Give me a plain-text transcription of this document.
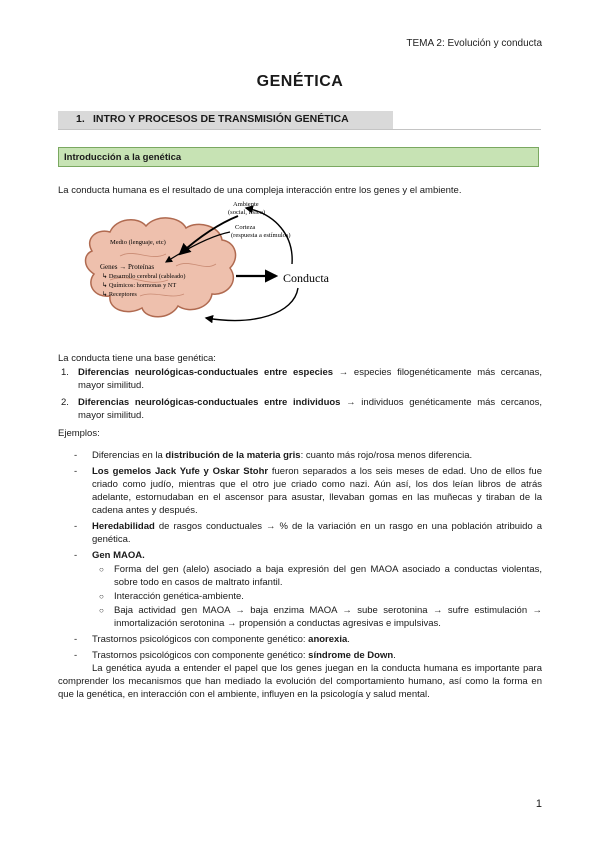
TEMA 2: Evolución y conducta
GENÉTICA
1. INTRO Y PROCESOS DE TRANSMISIÓN GENÉTICA
Introducción a la genética

La conducta humana es el resultado de una compleja interacción entre los genes y el ambiente.

Ambiente
(social, físico)
Corteza
(respuesta a estímulos)
Medio (lenguaje, etc)
Genes → Proteínas
↳ Desarrollo cerebral (cableado)
↳ Químicos: hormonas y NT
↳ Receptores
Conducta

La conducta tiene una base genética:

1. Diferencias neurológicas-conductuales entre especies → especies filogenéticamente más cercanas, mayor similitud.
2. Diferencias neurológicas-conductuales entre individuos → individuos genéticamente más cercanos, mayor similitud.

Ejemplos:

- Diferencias en la distribución de la materia gris: cuanto más rojo/rosa menos diferencia.
- Los gemelos Jack Yufe y Oskar Stohr fueron separados a los seis meses de edad. Uno de ellos fue criado como judío, mientras que el otro jue criado como nazi. Aún así, los dos leían libros de atrás adelante, estornudaban en el ascensor para asustar, llevaban gomas en las muñecas y tiraban de la cadena antes y después.
- Heredabilidad de rasgos conductuales → % de la variación en un rasgo en una población atribuido a genética.
- Gen MAOA.
○ Forma del gen (alelo) asociado a baja expresión del gen MAOA asociado a conductas violentas, sobre todo en casos de maltrato infantil.
○ Interacción genética-ambiente.
○ Baja actividad gen MAOA → baja enzima MAOA → sube serotonina → sufre estimulación → inmortalización serotonina → propensión a conductas agresivas e impulsivas.
- Trastornos psicológicos con componente genético: anorexia.
- Trastornos psicológicos con componente genético: síndrome de Down.

La genética ayuda a entender el papel que los genes juegan en la conducta humana es importante para comprender los mecanismos que han mediado la evolución del comportamiento humano, así como la forma en que la genética, en interacción con el ambiente, influyen en la psicología y salud mental.

1
